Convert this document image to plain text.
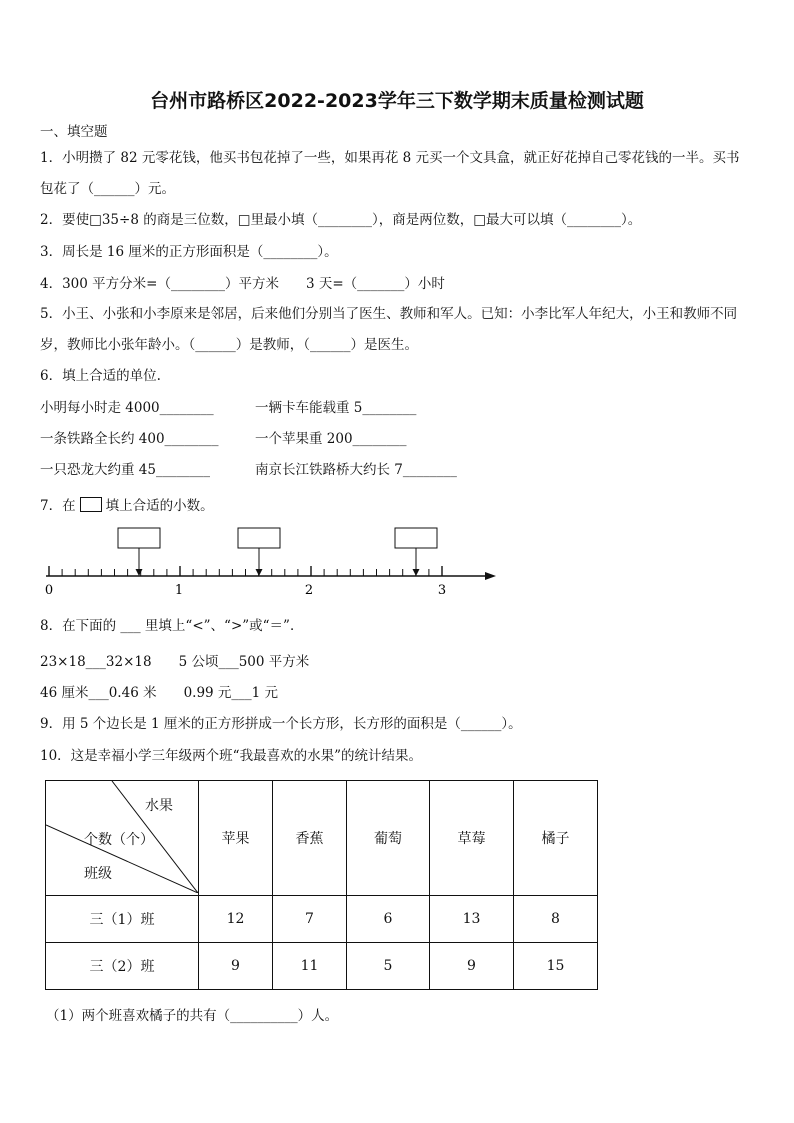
台州市路桥区2022-2023学年三下数学期末质量检测试题
一、填空题
1．小明攒了 82 元零花钱，他买书包花掉了一些，如果再花 8 元买一个文具盒，就正好花掉自己零花钱的一半。买书
包花了（______）元。
2．要使□35÷8 的商是三位数，□里最小填（________），商是两位数，□最大可以填（________）。
3．周长是 16 厘米的正方形面积是（________）。
4．300 平方分米=（________）平方米　　3 天=（_______）小时
5．小王、小张和小李原来是邻居，后来他们分别当了医生、教师和军人。已知：小李比军人年纪大，小王和教师不同
岁，教师比小张年龄小。（______）是教师，（______）是医生。
6．填上合适的单位.
小明每小时走 4000________	一辆卡车能载重 5________
一条铁路全长约 400________	一个苹果重 200________
一只恐龙大约重 45________	南京长江铁路桥大约长 7________
7．在 填上合适的小数。
0	1	2	3
8．在下面的 ___ 里填上“<”、“>”或“＝”．
23×18___32×18　　5 公顷___500 平方米
46 厘米___0.46 米　　0.99 元___1 元
9．用 5 个边长是 1 厘米的正方形拼成一个长方形，长方形的面积是（______）。
10．这是幸福小学三年级两个班“我最喜欢的水果”的统计结果。
水果
个数（个）
班级	苹果	香蕉	葡萄	草莓	橘子
三（1）班	12	7	6	13	8
三（2）班	9	11	5	9	15
（1）两个班喜欢橘子的共有（__________）人。
